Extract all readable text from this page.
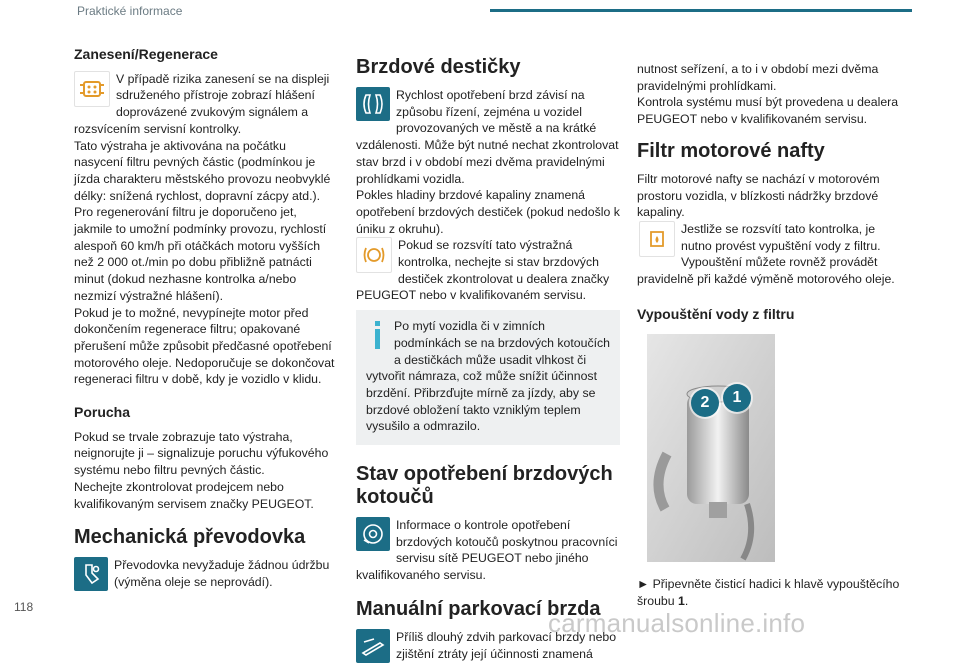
Praktické informace
Zanesení/Regenerace

V případě rizika zanesení se na displeji sdruženého přístroje zobrazí hlášení doprovázené zvukovým signálem a rozsvícením servisní kontrolky.

Tato výstraha je aktivována na počátku nasycení filtru pevných částic (podmínkou je jízda charakteru městského provozu neobvyklé délky: snížená rychlost, dopravní zácpy atd.).

Pro regenerování filtru je doporučeno jet, jakmile to umožní podmínky provozu, rychlostí alespoň 60 km/h při otáčkách motoru vyšších než 2 000 ot./min po dobu přibližně patnácti minut (dokud nezhasne kontrolka a/nebo nezmizí výstražné hlášení).

Pokud je to možné, nevypínejte motor před dokončením regenerace filtru; opakované přerušení může způsobit předčasné opotřebení motorového oleje. Nedoporučuje se dokončovat regeneraci filtru v době, kdy je vozidlo v klidu.

Porucha

Pokud se trvale zobrazuje tato výstraha, neignorujte ji – signalizuje poruchu výfukového systému nebo filtru pevných částic.

Nechejte zkontrolovat prodejcem nebo kvalifikovaným servisem značky PEUGEOT.

Mechanická převodovka

Převodovka nevyžaduje žádnou údržbu (výměna oleje se neprovádí).

Brzdové destičky

Rychlost opotřebení brzd závisí na způsobu řízení, zejména u vozidel provozovaných ve městě a na krátké vzdálenosti. Může být nutné nechat zkontrolovat stav brzd i v období mezi dvěma pravidelnými prohlídkami vozidla.

Pokles hladiny brzdové kapaliny znamená opotřebení brzdových destiček (pokud nedošlo k úniku z okruhu).

Pokud se rozsvítí tato výstražná kontrolka, nechejte si stav brzdových destiček zkontrolovat u dealera značky PEUGEOT nebo v kvalifikovaném servisu.

Po mytí vozidla či v zimních podmínkách se na brzdových kotoučích a destičkách může usadit vlhkost či vytvořit námraza, což může snížit účinnost brzdění. Přibrzďujte mírně za jízdy, aby se brzdové obložení takto vzniklým teplem vysušilo a odmrazilo.

Stav opotřebení brzdových kotoučů

Informace o kontrole opotřebení brzdových kotoučů poskytnou pracovníci servisu sítě PEUGEOT nebo jiného kvalifikovaného servisu.

Manuální parkovací brzda

Příliš dlouhý zdvih parkovací brzdy nebo zjištění ztráty její účinnosti znamená

nutnost seřízení, a to i v období mezi dvěma pravidelnými prohlídkami.

Kontrola systému musí být provedena u dealera PEUGEOT nebo v kvalifikovaném servisu.

Filtr motorové nafty

Filtr motorové nafty se nachází v motorovém prostoru vozidla, v blízkosti nádržky brzdové kapaliny.

Jestliže se rozsvítí tato kontrolka, je nutno provést vypuštění vody z filtru.

Vypouštění můžete rovněž provádět pravidelně při každé výměně motorového oleje.

Vypouštění vody z filtru
2	1

► Připevněte čisticí hadici k hlavě vypouštěcího šroubu 1.

118
carmanualsonline.info
